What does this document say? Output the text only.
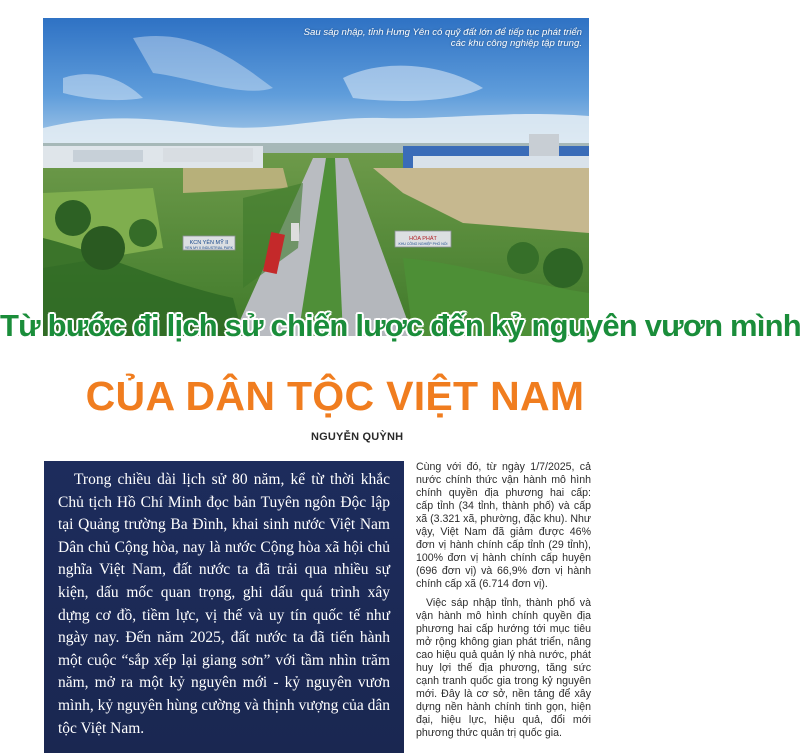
KCN YÊN MỸ II
YEN MY II INDUSTRIAL PARK
HÒA PHÁT
KHU CÔNG NGHIỆP PHỐ NỐI
Sau sáp nhập, tỉnh Hưng Yên có quỹ đất lớn để tiếp tục phát triển các khu công nghiệp tập trung.
Từ bước đi lịch sử chiến lược đến kỷ nguyên vươn mình
CỦA DÂN TỘC VIỆT NAM
NGUYỄN QUỲNH

Trong chiều dài lịch sử 80 năm, kể từ thời khắc Chủ tịch Hồ Chí Minh đọc bản Tuyên ngôn Độc lập tại Quảng trường Ba Đình, khai sinh nước Việt Nam Dân chủ Cộng hòa, nay là nước Cộng hòa xã hội chủ nghĩa Việt Nam, đất nước ta đã trải qua nhiều sự kiện, dấu mốc quan trọng, ghi dấu quá trình xây dựng cơ đồ, tiềm lực, vị thế và uy tín quốc tế như ngày nay. Đến năm 2025, đất nước ta đã tiến hành một cuộc “sắp xếp lại giang sơn” với tầm nhìn trăm năm, mở ra một kỷ nguyên mới - kỷ nguyên vươn mình, kỷ nguyên hùng cường và thịnh vượng của dân tộc Việt Nam.

Cùng với đó, từ ngày 1/7/2025, cả nước chính thức vận hành mô hình chính quyền địa phương hai cấp: cấp tỉnh (34 tỉnh, thành phố) và cấp xã (3.321 xã, phường, đặc khu). Như vậy, Việt Nam đã giảm được 46% đơn vị hành chính cấp tỉnh (29 tỉnh), 100% đơn vị hành chính cấp huyện (696 đơn vị) và 66,9% đơn vị hành chính cấp xã (6.714 đơn vị).

Việc sáp nhập tỉnh, thành phố và vận hành mô hình chính quyền địa phương hai cấp hướng tới mục tiêu mở rộng không gian phát triển, nâng cao hiệu quả quản lý nhà nước, phát huy lợi thế địa phương, tăng sức cạnh tranh quốc gia trong kỷ nguyên mới. Đây là cơ sở, nền tảng để xây dựng nền hành chính tinh gọn, hiện đại, hiệu lực, hiệu quả, đổi mới phương thức quản trị quốc gia.
